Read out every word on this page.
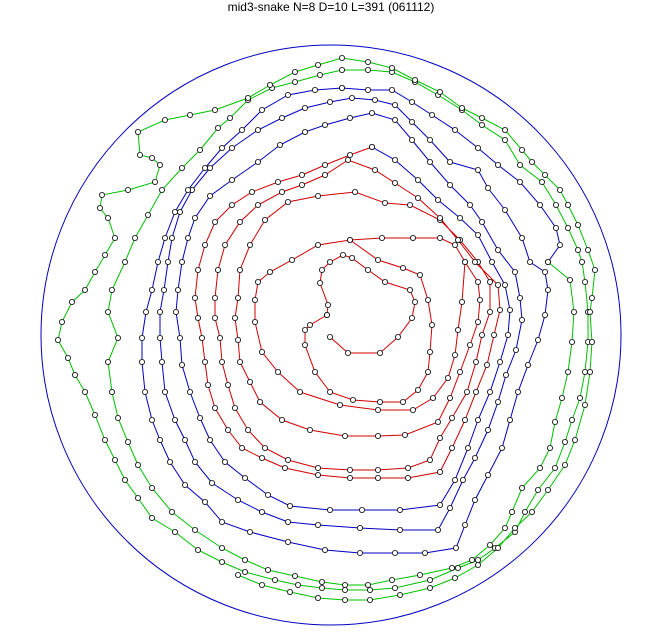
mid3-snake N=8 D=10 L=391 (061112)
